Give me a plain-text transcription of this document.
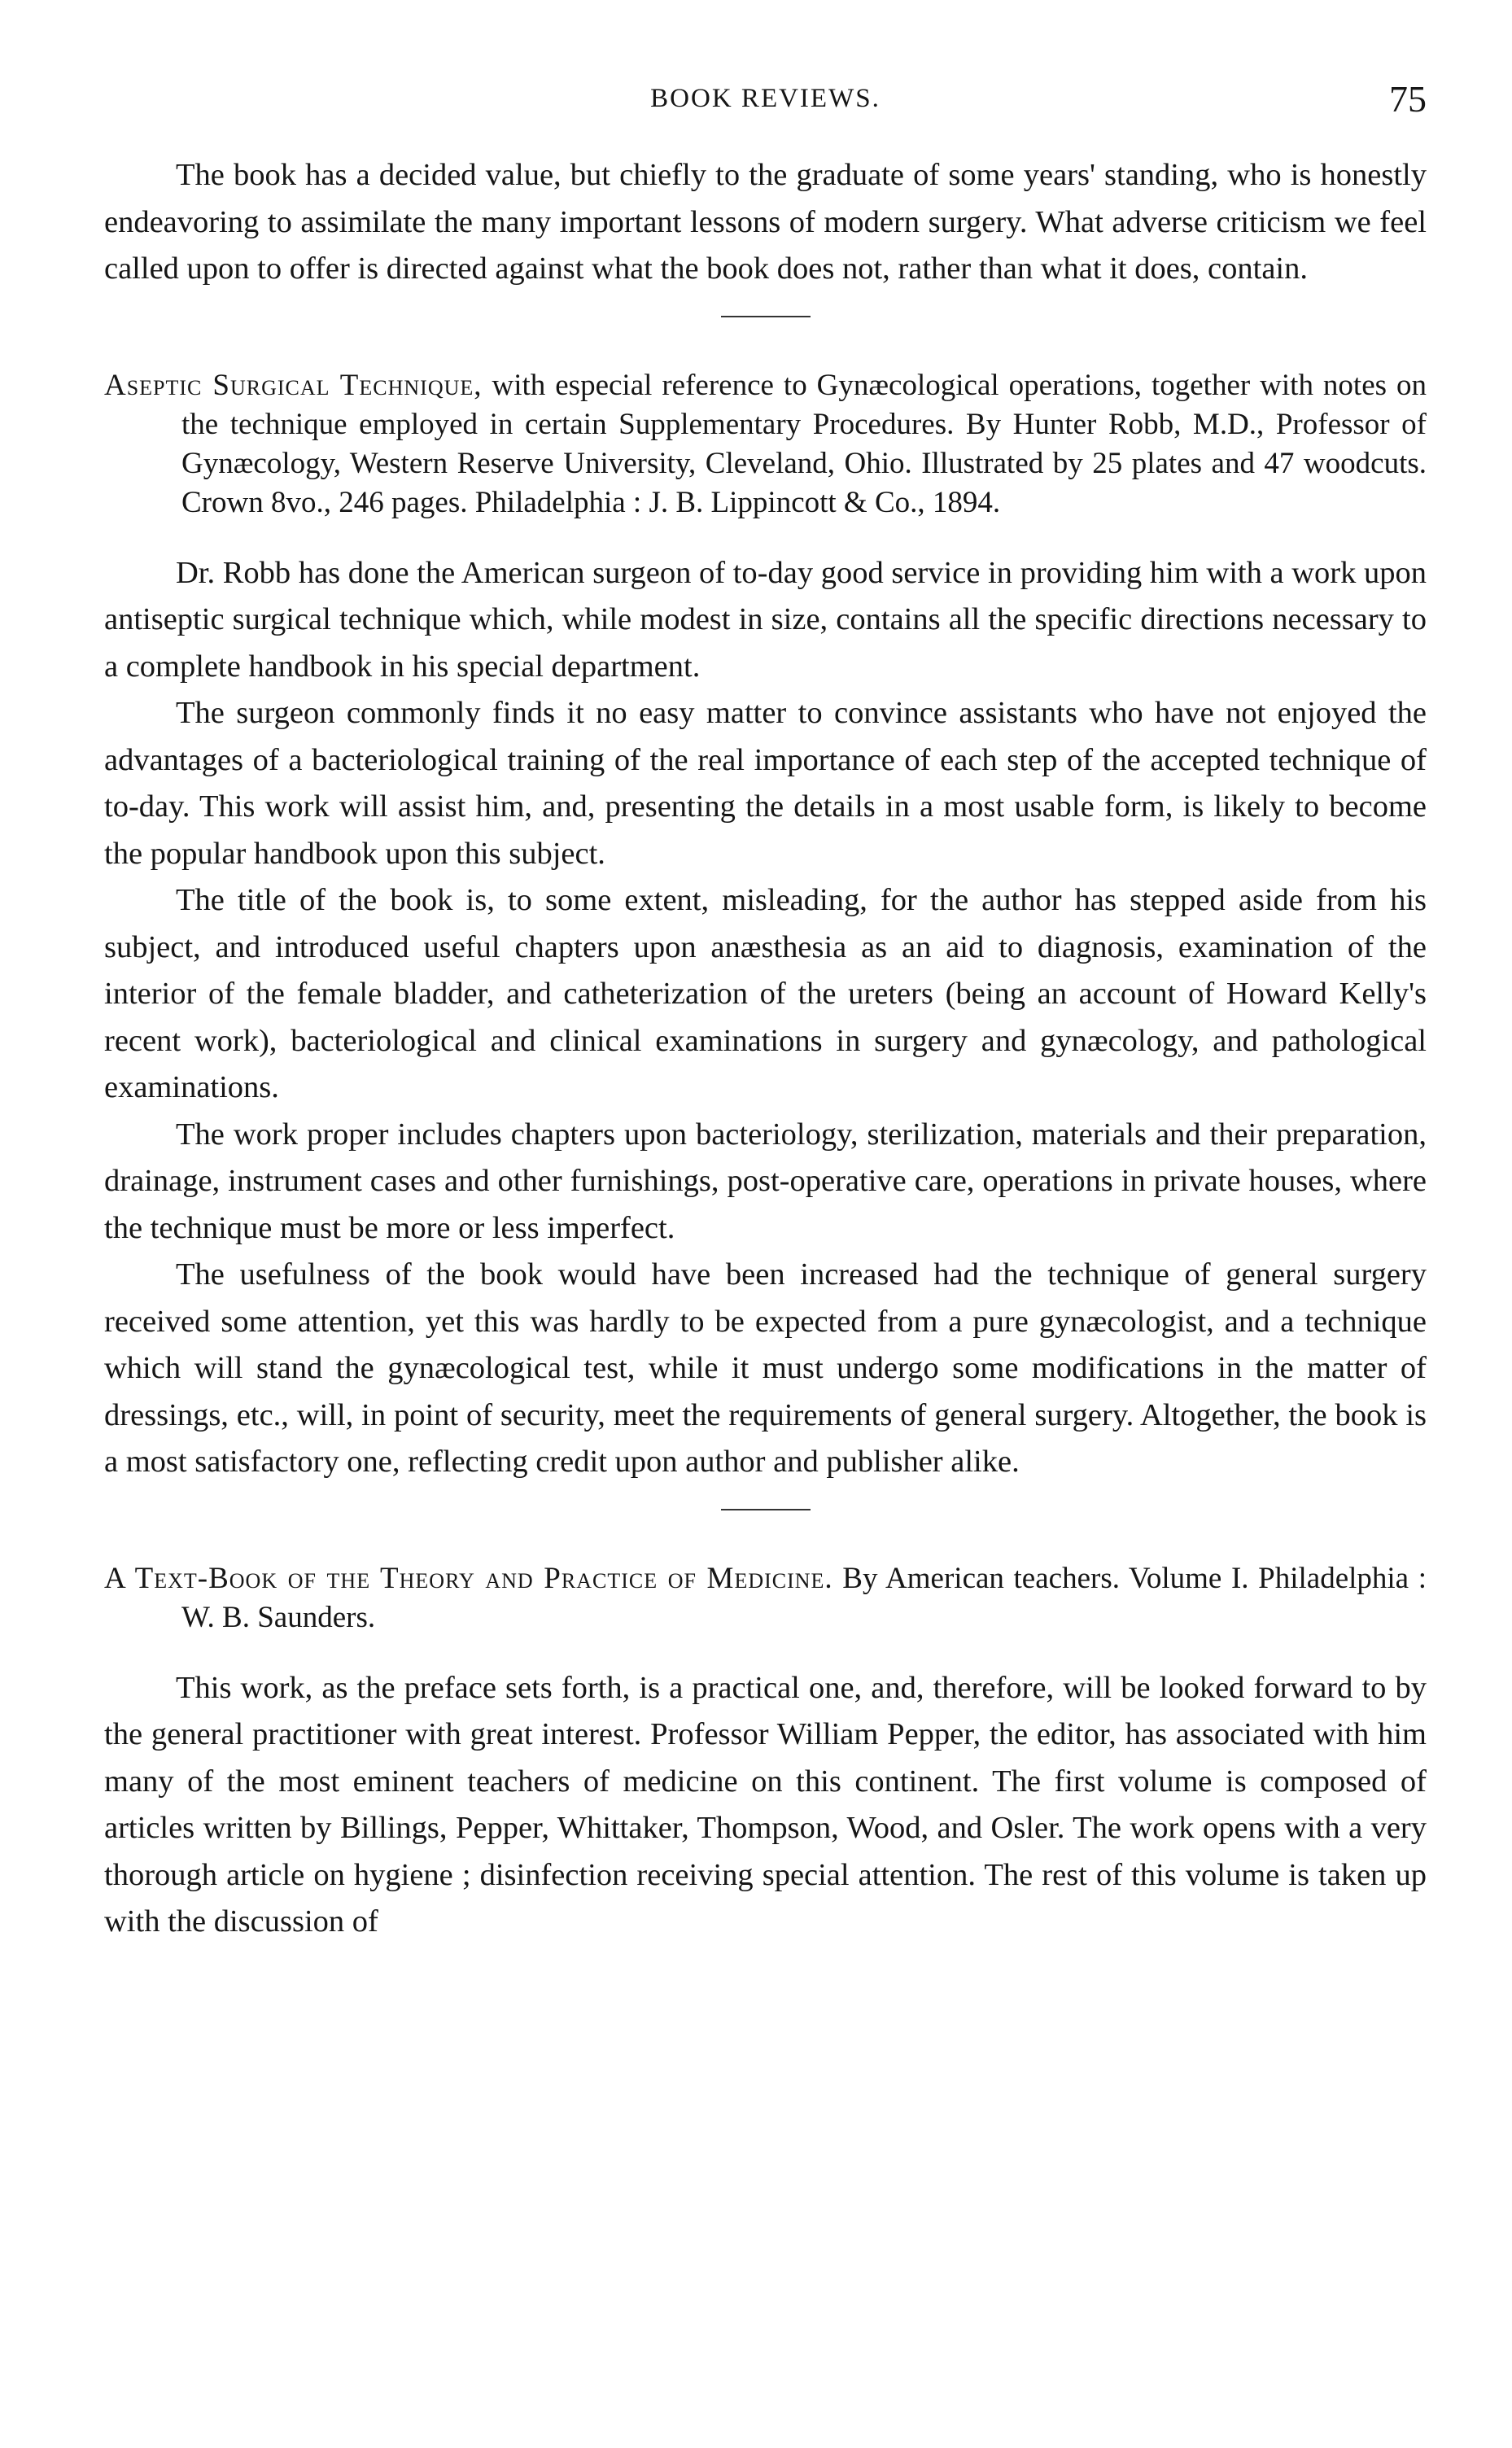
BOOK REVIEWS.	75

The book has a decided value, but chiefly to the graduate of some years' standing, who is honestly endeavoring to assimilate the many important lessons of modern surgery. What adverse criticism we feel called upon to offer is directed against what the book does not, rather than what it does, contain.

Aseptic Surgical Technique, with especial reference to Gynæcological operations, together with notes on the technique employed in certain Supplementary Procedures. By Hunter Robb, M.D., Professor of Gynæcology, Western Reserve University, Cleveland, Ohio. Illustrated by 25 plates and 47 woodcuts. Crown 8vo., 246 pages. Philadelphia : J. B. Lippincott & Co., 1894.

Dr. Robb has done the American surgeon of to-day good service in providing him with a work upon antiseptic surgical technique which, while modest in size, contains all the specific directions necessary to a complete handbook in his special department.

The surgeon commonly finds it no easy matter to convince assistants who have not enjoyed the advantages of a bacteriological training of the real importance of each step of the accepted technique of to-day. This work will assist him, and, presenting the details in a most usable form, is likely to become the popular handbook upon this subject.

The title of the book is, to some extent, misleading, for the author has stepped aside from his subject, and introduced useful chapters upon anæsthesia as an aid to diagnosis, examination of the interior of the female bladder, and catheterization of the ureters (being an account of Howard Kelly's recent work), bacteriological and clinical examinations in surgery and gynæcology, and pathological examinations.

The work proper includes chapters upon bacteriology, sterilization, materials and their preparation, drainage, instrument cases and other furnishings, post-operative care, operations in private houses, where the technique must be more or less imperfect.

The usefulness of the book would have been increased had the technique of general surgery received some attention, yet this was hardly to be expected from a pure gynæcologist, and a technique which will stand the gynæcological test, while it must undergo some modifications in the matter of dressings, etc., will, in point of security, meet the requirements of general surgery. Altogether, the book is a most satisfactory one, reflecting credit upon author and publisher alike.

A Text-Book of the Theory and Practice of Medicine. By American teachers. Volume I. Philadelphia : W. B. Saunders.

This work, as the preface sets forth, is a practical one, and, therefore, will be looked forward to by the general practitioner with great interest. Professor William Pepper, the editor, has associated with him many of the most eminent teachers of medicine on this continent. The first volume is composed of articles written by Billings, Pepper, Whittaker, Thompson, Wood, and Osler. The work opens with a very thorough article on hygiene ; disinfection receiving special attention. The rest of this volume is taken up with the discussion of
